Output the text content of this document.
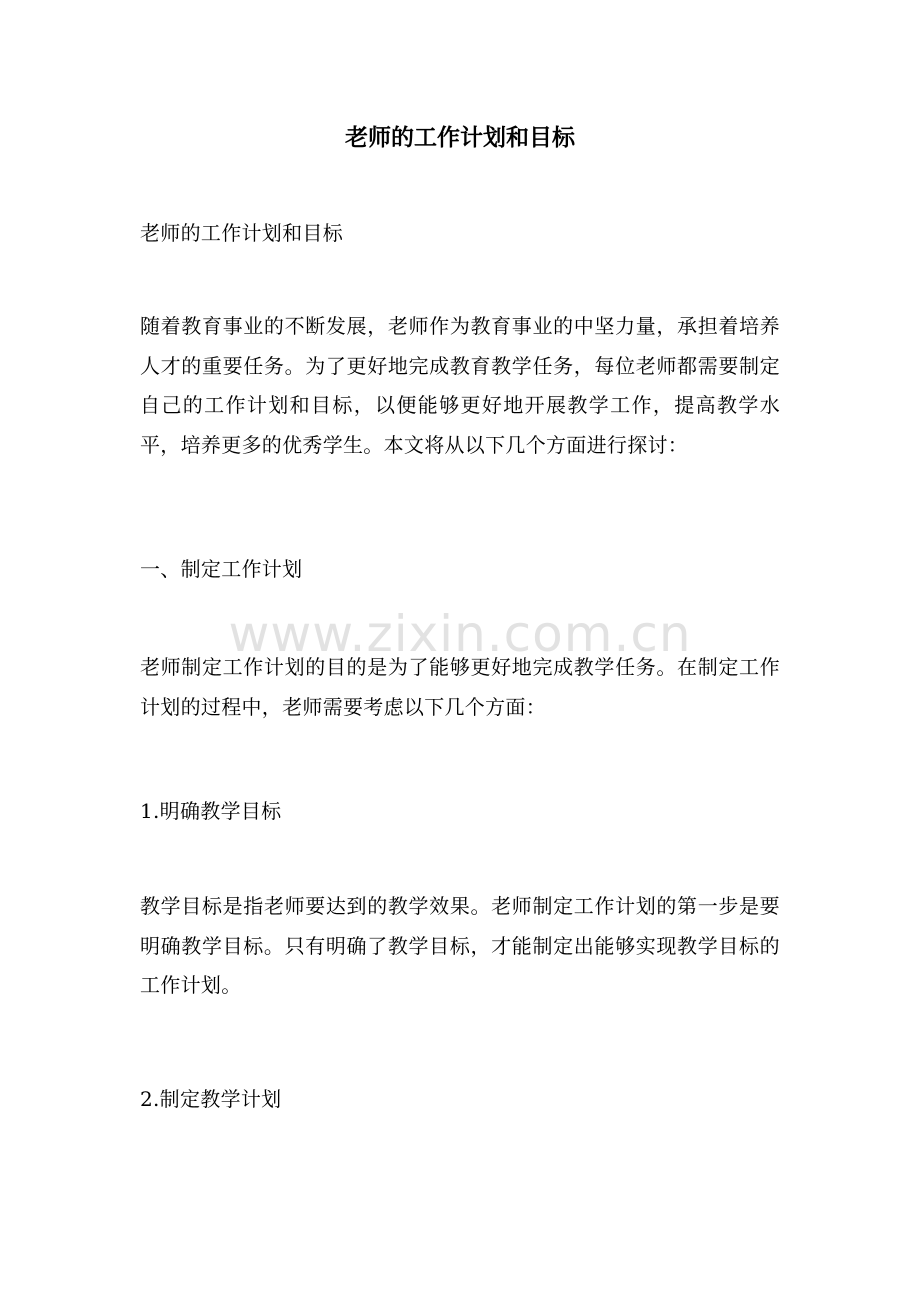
www.zixin.com.cn
老师的工作计划和目标

老师的工作计划和目标

随着教育事业的不断发展，老师作为教育事业的中坚力量，承担着培养人才的重要任务。为了更好地完成教育教学任务，每位老师都需要制定自己的工作计划和目标，以便能够更好地开展教学工作，提高教学水平，培养更多的优秀学生。本文将从以下几个方面进行探讨：

一、制定工作计划

老师制定工作计划的目的是为了能够更好地完成教学任务。在制定工作计划的过程中，老师需要考虑以下几个方面：

1.明确教学目标

教学目标是指老师要达到的教学效果。老师制定工作计划的第一步是要明确教学目标。只有明确了教学目标，才能制定出能够实现教学目标的工作计划。

2.制定教学计划
